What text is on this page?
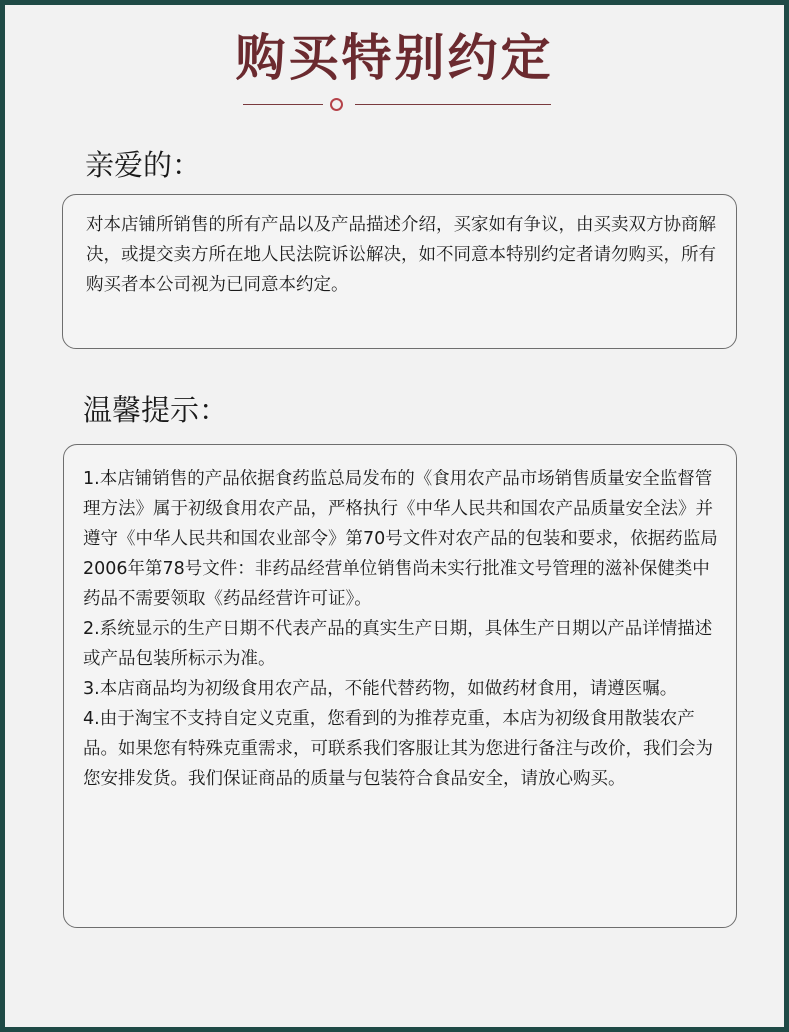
购买特别约定
亲爱的：

对本店铺所销售的所有产品以及产品描述介绍，买家如有争议，由买卖双方协商解决，或提交卖方所在地人民法院诉讼解决，如不同意本特别约定者请勿购买，所有购买者本公司视为已同意本约定。

温馨提示：

1.本店铺销售的产品依据食药监总局发布的《食用农产品市场销售质量安全监督管理方法》属于初级食用农产品，严格执行《中华人民共和国农产品质量安全法》并遵守《中华人民共和国农业部令》第70号文件对农产品的包装和要求，依据药监局2006年第78号文件：非药品经营单位销售尚未实行批准文号管理的滋补保健类中药品不需要领取《药品经营许可证》。

2.系统显示的生产日期不代表产品的真实生产日期，具体生产日期以产品详情描述或产品包装所标示为准。

3.本店商品均为初级食用农产品，不能代替药物，如做药材食用，请遵医嘱。

4.由于淘宝不支持自定义克重，您看到的为推荐克重，本店为初级食用散装农产品。如果您有特殊克重需求，可联系我们客服让其为您进行备注与改价，我们会为您安排发货。我们保证商品的质量与包装符合食品安全，请放心购买。
